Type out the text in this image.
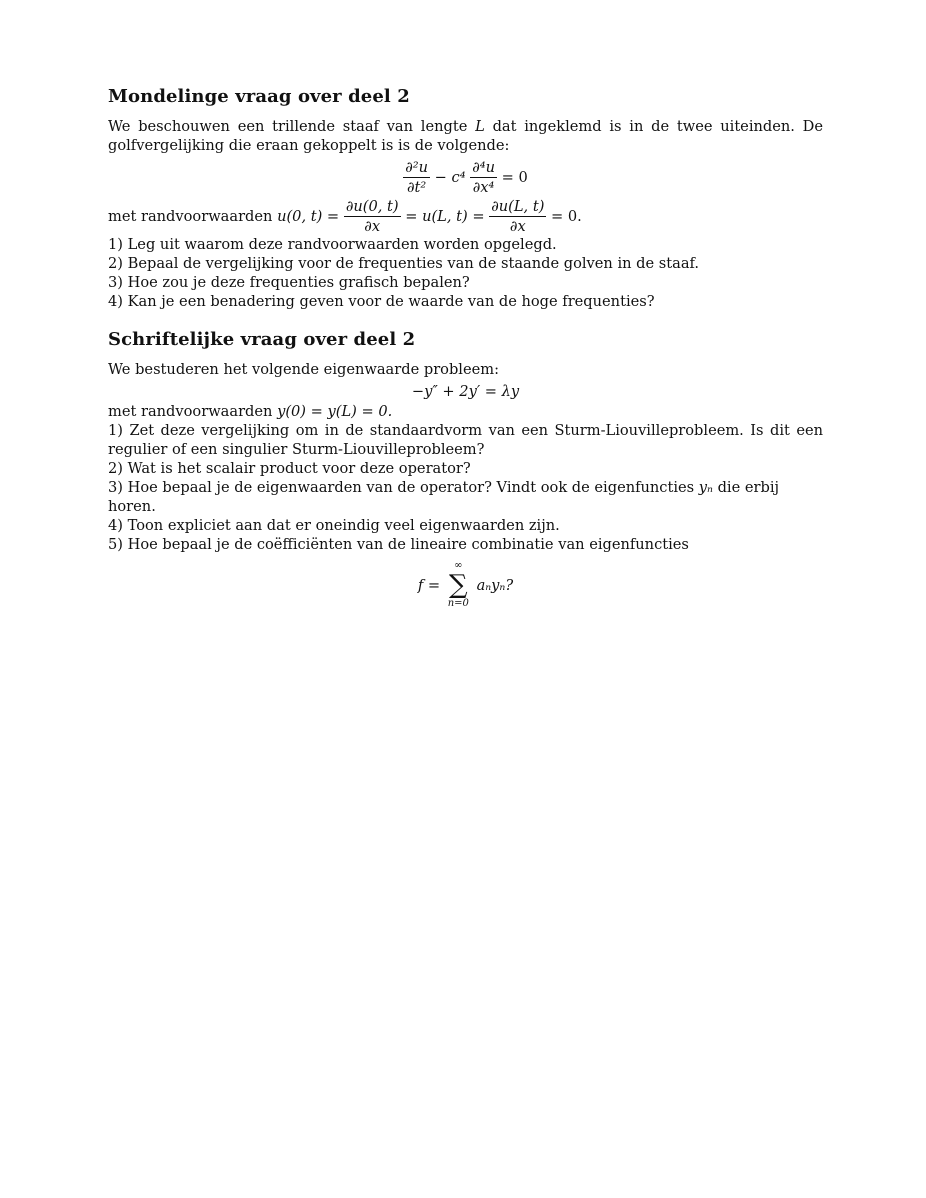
Mondelinge vraag over deel 2

We beschouwen een trillende staaf van lengte L dat ingeklemd is in de twee uiteinden. De golfvergelijking die eraan gekoppelt is is de volgende:

$\frac{\text{∂²u}}{\text{∂t²}} - c^4 \frac{\text{∂⁴u}}{\text{∂x⁴}} = 0$
met randvoorwaarden u(0, $t) = \frac{\partial u(0, t)}{\partial x} = u(L$, $t) = \frac{\partial u(L, t)}{\partial x} = 0$.
1) Leg uit waarom deze randvoorwaarden worden opgelegd.
2) Bepaal de vergelijking voor de frequenties van de staande golven in de staaf.
3) Hoe zou je deze frequenties grafisch bepalen?
4) Kan je een benadering geven voor de waarde van de hoge frequenties?
Schriftelijke vraag over deel 2
We bestuderen het volgende eigenwaarde probleem:
−y″ + 2y′ = λy
met randvoorwaarden y(0) = y(L) = 0.

1) Zet deze vergelijking om in de standaardvorm van een Sturm-Liouvilleprobleem. Is dit een regulier of een singulier Sturm-Liouvilleprobleem?

2) Wat is het scalair product voor deze operator?
3) Hoe bepaal je de eigenwaarden van de operator? Vindt ook de eigenfuncties yₙ die erbij horen.
4) Toon expliciet aan dat er oneindig veel eigenwaarden zijn.
5) Hoe bepaal je de coëfficiënten van de lineaire combinatie van eigenfuncties
f =
∞
∑
n=0
aₙyₙ?
